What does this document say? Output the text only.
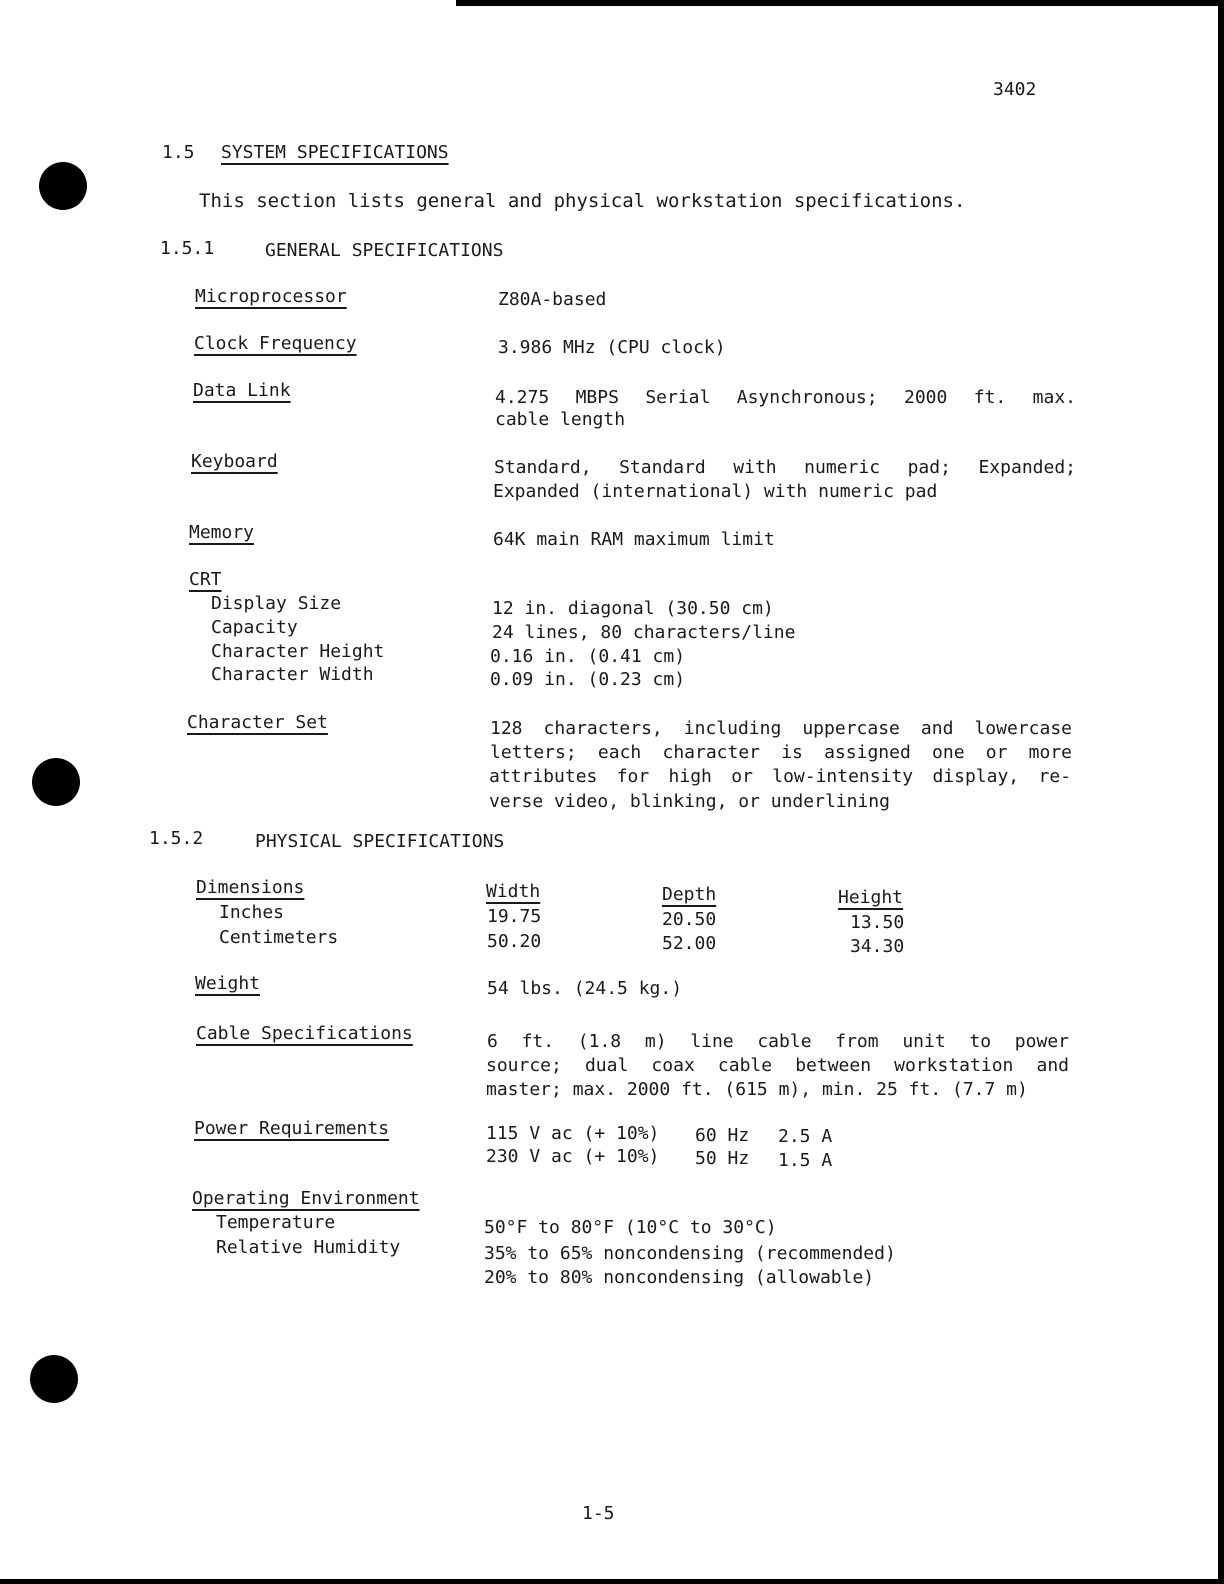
3402

1.5 SYSTEM SPECIFICATIONS

This section lists general and physical workstation specifications.

1.5.1	GENERAL SPECIFICATIONS

Microprocessor	Z80A-based

Clock Frequency	3.986 MHz (CPU clock)

Data Link	4.275 MBPS Serial Asynchronous; 2000 ft. max.

cable length

Keyboard	Standard, Standard with numeric pad; Expanded;

Expanded (international) with numeric pad

Memory	64K main RAM maximum limit

CRT

Display Size	12 in. diagonal (30.50 cm)

Capacity	24 lines, 80 characters/line

Character Height	0.16 in. (0.41 cm)

Character Width	0.09 in. (0.23 cm)

Character Set	128 characters, including uppercase and lowercase

letters; each character is assigned one or more

attributes for high or low-intensity display, re-

verse video, blinking, or underlining

1.5.2	PHYSICAL SPECIFICATIONS

Dimensions	Width	Depth	Height

Inches	19.75	20.50	13.50

Centimeters	50.20	52.00	34.30

Weight	54 lbs. (24.5 kg.)

Cable Specifications	6 ft. (1.8 m) line cable from unit to power

source; dual coax cable between workstation and

master; max. 2000 ft. (615 m), min. 25 ft. (7.7 m)

Power Requirements	115 V ac (+ 10%) 60 Hz 2.5 A

230 V ac (+ 10%) 50 Hz 1.5 A

Operating Environment

Temperature	50°F to 80°F (10°C to 30°C)

Relative Humidity	35% to 65% noncondensing (recommended)

20% to 80% noncondensing (allowable)

1-5
